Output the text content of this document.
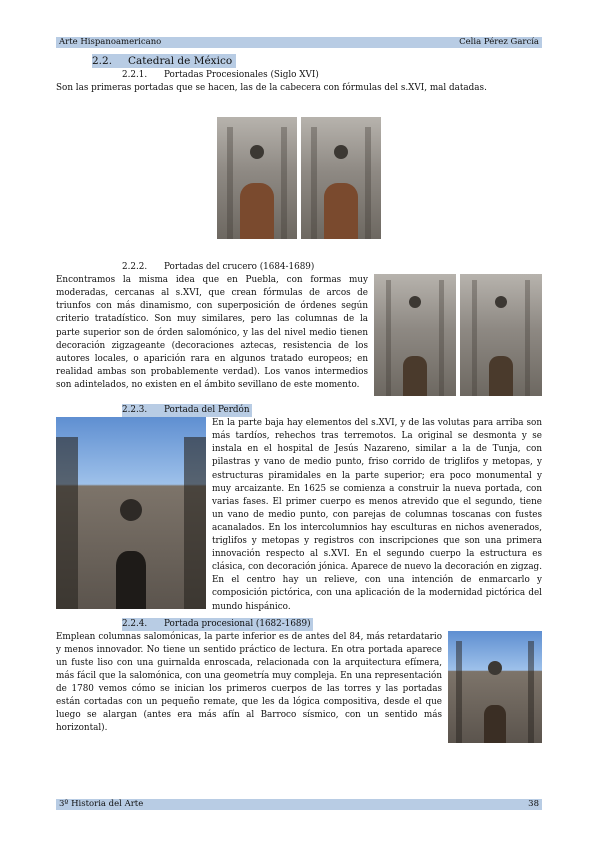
Arte Hispanoamericano	Celia Pérez García
2.2. Catedral de México
2.2.1. Portadas Procesionales (Siglo XVI)

Son las primeras portadas que se hacen, las de la cabecera con fórmulas del s.XVI, mal datadas.

2.2.2. Portadas del crucero (1684-1689)

Encontramos la misma idea que en Puebla, con formas muy moderadas, cercanas al s.XVI, que crean fórmulas de arcos de triunfos con más dinamismo, con superposición de órdenes según criterio tratadístico. Son muy similares, pero las columnas de la parte superior son de órden salomónico, y las del nivel medio tienen decoración zigzageante (decoraciones aztecas, resistencia de los autores locales, o aparición rara en algunos tratado europeos; en realidad ambas son probablemente verdad). Los vanos intermedios son adintelados, no existen en el ámbito sevillano de este momento.

2.2.3. Portada del Perdón

En la parte baja hay elementos del s.XVI, y de las volutas para arriba son más tardíos, rehechos tras terremotos. La original se desmonta y se instala en el hospital de Jesús Nazareno, similar a la de Tunja, con pilastras y vano de medio punto, friso corrido de triglifos y metopas, y estructuras piramidales en la parte superior; era poco monumental y muy arcaizante. En 1625 se comienza a construir la nueva portada, con varias fases. El primer cuerpo es menos atrevido que el segundo, tiene un vano de medio punto, con parejas de columnas toscanas con fustes acanalados. En los intercolumnios hay esculturas en nichos avenerados, triglifos y metopas y registros con inscripciones que son una primera innovación respecto al s.XVI. En el segundo cuerpo la estructura es clásica, con decoración jónica. Aparece de nuevo la decoración en zigzag. En el centro hay un relieve, con una intención de enmarcarlo y composición pictórica, con una aplicación de la modernidad pictórica del mundo hispánico.

2.2.4. Portada procesional (1682-1689)

Emplean columnas salomónicas, la parte inferior es de antes del 84, más retardatario y menos innovador. No tiene un sentido práctico de lectura. En otra portada aparece un fuste liso con una guirnalda enroscada, relacionada con la arquitectura efímera, más fácil que la salomónica, con una geometría muy compleja. En una representación de 1780 vemos cómo se inician los primeros cuerpos de las torres y las portadas están cortadas con un pequeño remate, que les da lógica compositiva, desde el que luego se alargan (antes era más afín al Barroco sísmico, con un sentido más horizontal).

3º Historia del Arte	38
